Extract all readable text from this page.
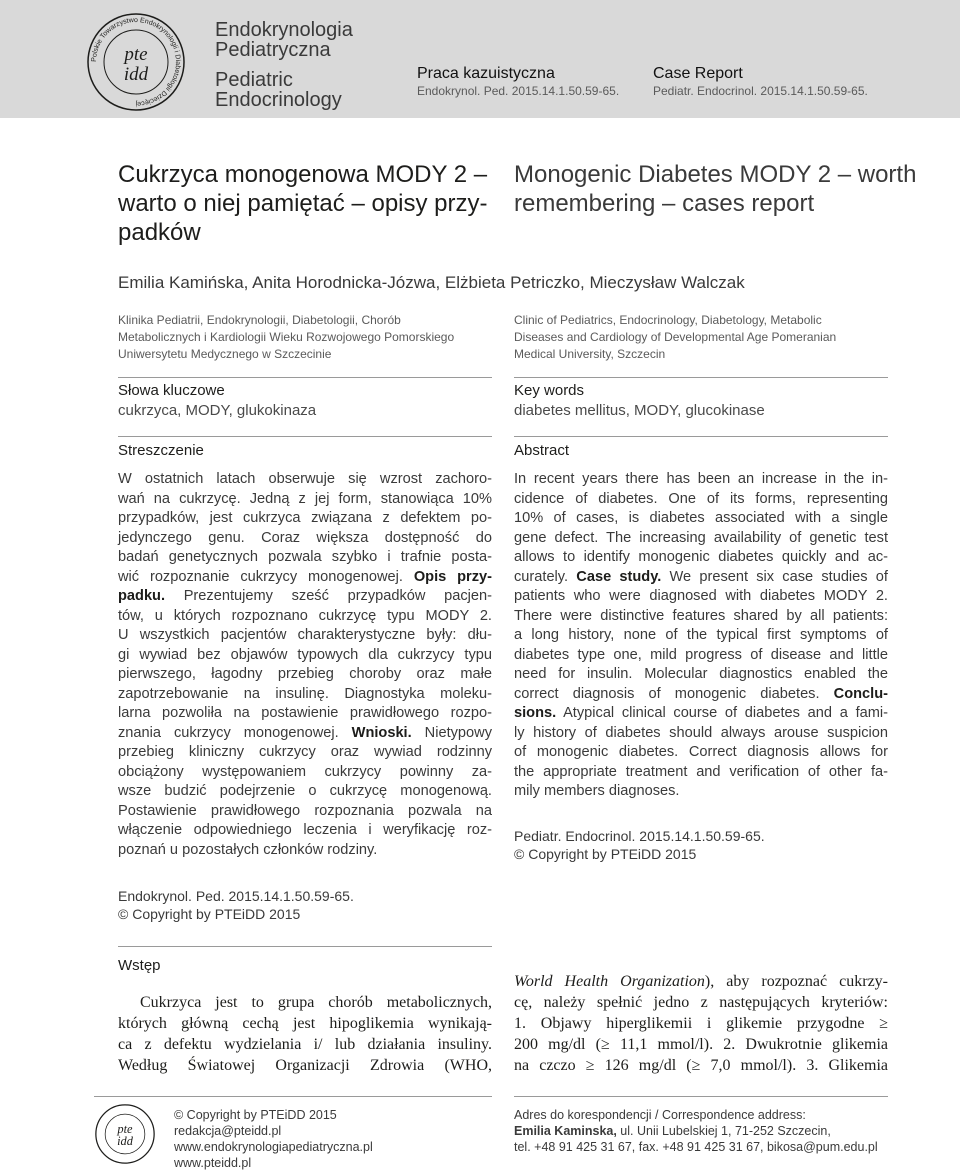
Polskie Towarzystwo Endokrynologii i Diabetologii Dziecięcej
pte
idd
Endokrynologia
Pediatryczna
Pediatric
Endocrinology
Praca kazuistyczna
Endokrynol. Ped. 2015.14.1.50.59-65.
Case Report
Pediatr. Endocrinol. 2015.14.1.50.59-65.
Cukrzyca monogenowa MODY 2 –
warto o niej pamiętać – opisy przy-
padków
Monogenic Diabetes MODY 2 – worth
remembering – cases report
Emilia Kamińska, Anita Horodnicka-Józwa, Elżbieta Petriczko, Mieczysław Walczak
Klinika Pediatrii, Endokrynologii, Diabetologii, Chorób
Metabolicznych i Kardiologii Wieku Rozwojowego Pomorskiego
Uniwersytetu Medycznego w Szczecinie
Clinic of Pediatrics, Endocrinology, Diabetology, Metabolic
Diseases and Cardiology of Developmental Age Pomeranian
Medical University, Szczecin
Słowa kluczowe
cukrzyca, MODY, glukokinaza
Key words
diabetes mellitus, MODY, glucokinase
Streszczenie	Abstract
W ostatnich latach obserwuje się wzrost zachoro-
wań na cukrzycę. Jedną z jej form, stanowiąca 10%
przypadków, jest cukrzyca związana z defektem po-
jedynczego genu. Coraz większa dostępność do
badań genetycznych pozwala szybko i trafnie posta-
wić rozpoznanie cukrzycy monogenowej. Opis przy-
padku. Prezentujemy sześć przypadków pacjen-
tów, u których rozpoznano cukrzycę typu MODY 2.
U wszystkich pacjentów charakterystyczne były: dłu-
gi wywiad bez objawów typowych dla cukrzycy typu
pierwszego, łagodny przebieg choroby oraz małe
zapotrzebowanie na insulinę. Diagnostyka moleku-
larna pozwoliła na postawienie prawidłowego rozpo-
znania cukrzycy monogenowej. Wnioski. Nietypowy
przebieg kliniczny cukrzycy oraz wywiad rodzinny
obciążony występowaniem cukrzycy powinny za-
wsze budzić podejrzenie o cukrzycę monogenową.
Postawienie prawidłowego rozpoznania pozwala na
włączenie odpowiedniego leczenia i weryfikację roz-
poznań u pozostałych członków rodziny.
In recent years there has been an increase in the in-
cidence of diabetes. One of its forms, representing
10% of cases, is diabetes associated with a single
gene defect. The increasing availability of genetic test
allows to identify monogenic diabetes quickly and ac-
curately. Case study. We present six case studies of
patients who were diagnosed with diabetes MODY 2.
There were distinctive features shared by all patients:
a long history, none of the typical first symptoms of
diabetes type one, mild progress of disease and little
need for insulin. Molecular diagnostics enabled the
correct diagnosis of monogenic diabetes. Conclu-
sions. Atypical clinical course of diabetes and a fami-
ly history of diabetes should always arouse suspicion
of monogenic diabetes. Correct diagnosis allows for
the appropriate treatment and verification of other fa-
mily members diagnoses.
Pediatr. Endocrinol. 2015.14.1.50.59-65.
© Copyright by PTEiDD 2015
Endokrynol. Ped. 2015.14.1.50.59-65.
© Copyright by PTEiDD 2015
Wstęp
Cukrzyca jest to grupa chorób metabolicznych,
których główną cechą jest hipoglikemia wynikają-
ca z defektu wydzielania i/ lub działania insuliny.
Według Światowej Organizacji Zdrowia (WHO,
World Health Organization), aby rozpoznać cukrzy-
cę, należy spełnić jedno z następujących kryteriów:
1. Objawy hiperglikemii i glikemie przygodne ≥
200 mg/dl (≥ 11,1 mmol/l). 2. Dwukrotnie glikemia
na czczo ≥ 126 mg/dl (≥ 7,0 mmol/l). 3. Glikemia
pte
idd
© Copyright by PTEiDD 2015
redakcja@pteidd.pl
www.endokrynologiapediatryczna.pl
www.pteidd.pl
Adres do korespondencji / Correspondence address:
Emilia Kaminska, ul. Unii Lubelskiej 1, 71-252 Szczecin,
tel. +48 91 425 31 67, fax. +48 91 425 31 67, bikosa@pum.edu.pl
